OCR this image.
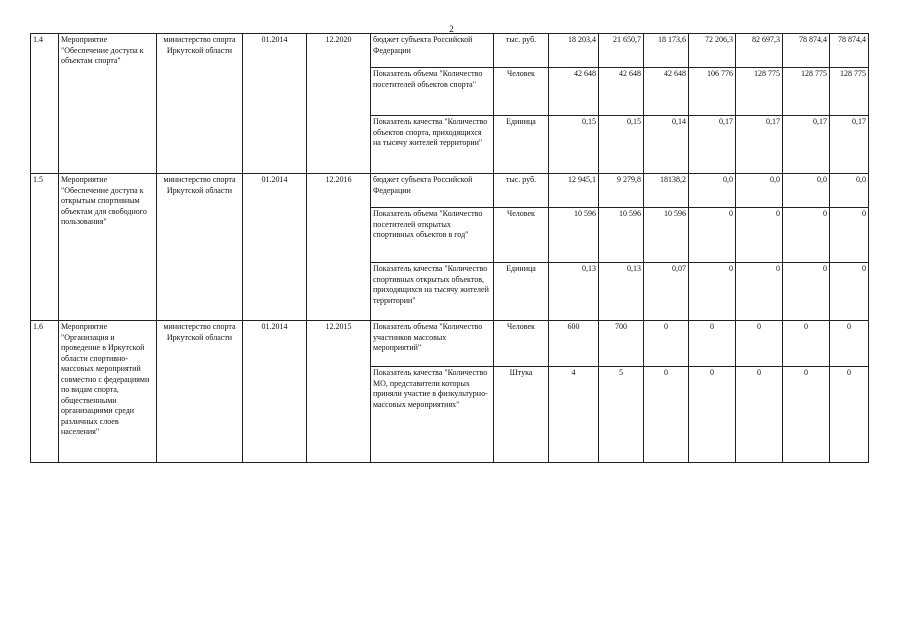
2
1.4	Мероприятие "Обеспечение доступа к объектам спорта"	министерство спорта Иркутской области	01.2014	12.2020	бюджет субъекта Российской Федерации	тыс. руб.	18 203,4	21 650,7	18 173,6	72 206,3	82 697,3	78 874,4	78 874,4
					Показатель объема "Количество посетителей объектов спорта"	Человек	42 648	42 648	42 648	106 776	128 775	128 775	128 775
					Показатель качества "Количество объектов спорта, приходящихся на тысячу жителей территории"	Единица	0,15	0,15	0,14	0,17	0,17	0,17	0,17
1.5	Мероприятие "Обеспечение доступа к открытым спортивным объектам для свободного пользования"	министерство спорта Иркутской области	01.2014	12.2016	бюджет субъекта Российской Федерации	тыс. руб.	12 945,1	9 279,8	18138,2	0,0	0,0	0,0	0,0
					Показатель объема "Количество посетителей открытых спортивных объектов в год"	Человек	10 596	10 596	10 596	0	0	0	0
					Показатель качества "Количество спортивных открытых объектов, приходящихся на тысячу жителей территории"	Единица	0,13	0,13	0,07	0	0	0	0
1.6	Мероприятие "Организация и проведение в Иркутской области спортивно-массовых мероприятий совместно с федерациями по видам спорта, общественными организациями среди различных слоев населения"	министерство спорта Иркутской области	01.2014	12.2015	Показатель объема "Количество участников массовых мероприятий"	Человек	600	700	0	0	0	0	0
					Показатель качества "Количество МО, представители которых приняли участие в физкультурно-массовых мероприятиях"	Штука	4	5	0	0	0	0	0
